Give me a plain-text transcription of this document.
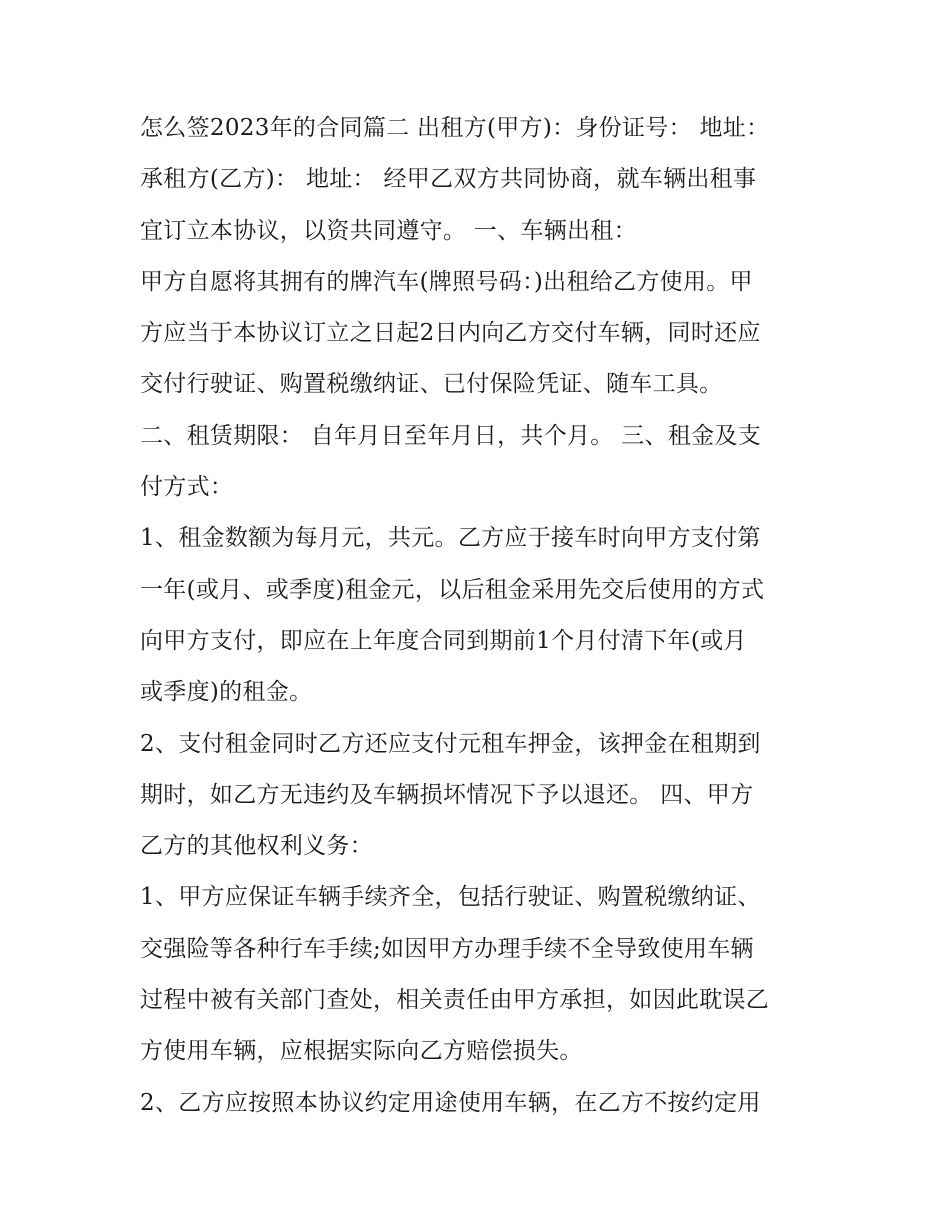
怎么签2023年的合同篇二 出租方(甲方)：身份证号： 地址：
承租方(乙方)： 地址： 经甲乙双方共同协商，就车辆出租事
宜订立本协议，以资共同遵守。 一、车辆出租：
甲方自愿将其拥有的牌汽车(牌照号码：)出租给乙方使用。甲
方应当于本协议订立之日起2日内向乙方交付车辆，同时还应
交付行驶证、购置税缴纳证、已付保险凭证、随车工具。
二、租赁期限： 自年月日至年月日，共个月。 三、租金及支
付方式：
1、租金数额为每月元，共元。乙方应于接车时向甲方支付第
一年(或月、或季度)租金元，以后租金采用先交后使用的方式
向甲方支付，即应在上年度合同到期前1个月付清下年(或月
或季度)的租金。
2、支付租金同时乙方还应支付元租车押金，该押金在租期到
期时，如乙方无违约及车辆损坏情况下予以退还。 四、甲方
乙方的其他权利义务：
1、甲方应保证车辆手续齐全，包括行驶证、购置税缴纳证、
交强险等各种行车手续;如因甲方办理手续不全导致使用车辆
过程中被有关部门查处，相关责任由甲方承担，如因此耽误乙
方使用车辆，应根据实际向乙方赔偿损失。
2、乙方应按照本协议约定用途使用车辆，在乙方不按约定用
